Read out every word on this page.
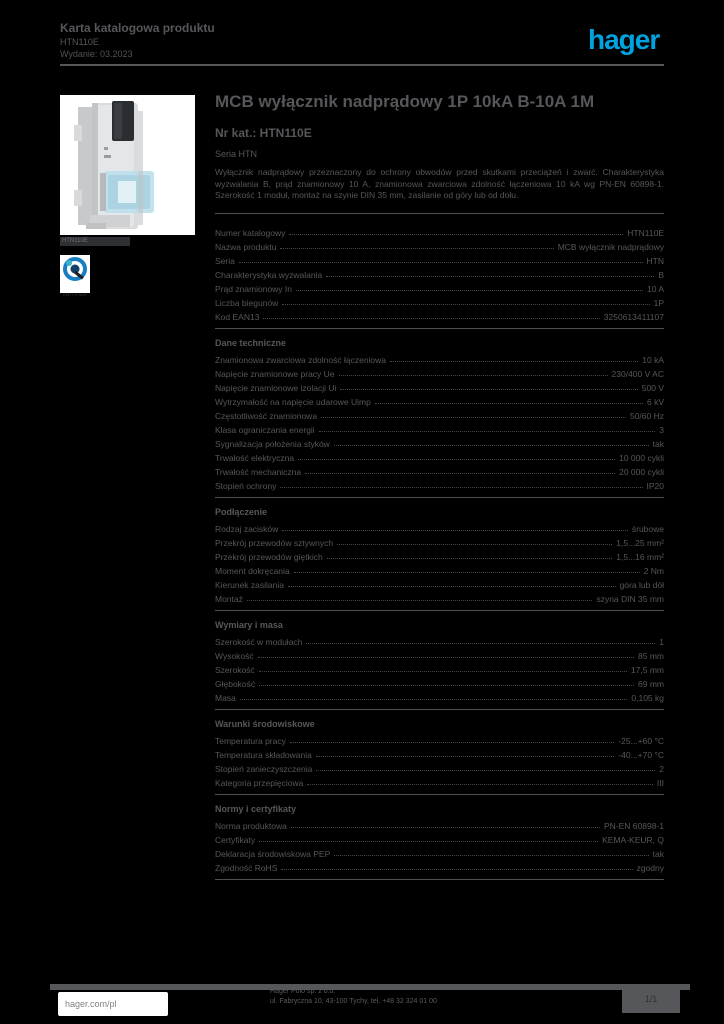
Karta katalogowa produktu
HTN110E
Wydanie: 03.2023	hager
HTN110E
CERTYFIKAT
MCB wyłącznik nadprądowy 1P 10kA B-10A 1M
Nr kat.: HTN110E
Seria HTN
Wyłącznik nadprądowy przeznaczony do ochrony obwodów przed skutkami przeciążeń i zwarć. Charakterystyka wyzwalania B, prąd znamionowy 10 A, znamionowa zwarciowa zdolność łączeniowa 10 kA wg PN-EN 60898-1. Szerokość 1 moduł, montaż na szynie DIN 35 mm, zasilanie od góry lub od dołu.
Numer katalogowy	HTN110E
Nazwa produktu	MCB wyłącznik nadprądowy
Seria	HTN
Charakterystyka wyzwalania	B
Prąd znamionowy In	10 A
Liczba biegunów	1P
Kod EAN13	3250613411107
Dane techniczne
Znamionowa zwarciowa zdolność łączeniowa	10 kA
Napięcie znamionowe pracy Ue	230/400 V AC
Napięcie znamionowe izolacji Ui	500 V
Wytrzymałość na napięcie udarowe Uimp	6 kV
Częstotliwość znamionowa	50/60 Hz
Klasa ograniczania energii	3
Sygnalizacja położenia styków	tak
Trwałość elektryczna	10 000 cykli
Trwałość mechaniczna	20 000 cykli
Stopień ochrony	IP20
Podłączenie
Rodzaj zacisków	śrubowe
Przekrój przewodów sztywnych	1,5...25 mm²
Przekrój przewodów giętkich	1,5...16 mm²
Moment dokręcania	2 Nm
Kierunek zasilania	góra lub dół
Montaż	szyna DIN 35 mm
Wymiary i masa
Szerokość w modułach	1
Wysokość	85 mm
Szerokość	17,5 mm
Głębokość	69 mm
Masa	0,105 kg
Warunki środowiskowe
Temperatura pracy	-25...+60 °C
Temperatura składowania	-40...+70 °C
Stopień zanieczyszczenia	2
Kategoria przepięciowa	III
Normy i certyfikaty
Norma produktowa	PN-EN 60898-1
Certyfikaty	KEMA-KEUR, Q
Deklaracja środowiskowa PEP	tak
Zgodność RoHS	zgodny
hager.com/pl
Hager Polo sp. z o.o.
ul. Fabryczna 10, 43-100 Tychy, tel. +48 32 324 01 00	1/1
